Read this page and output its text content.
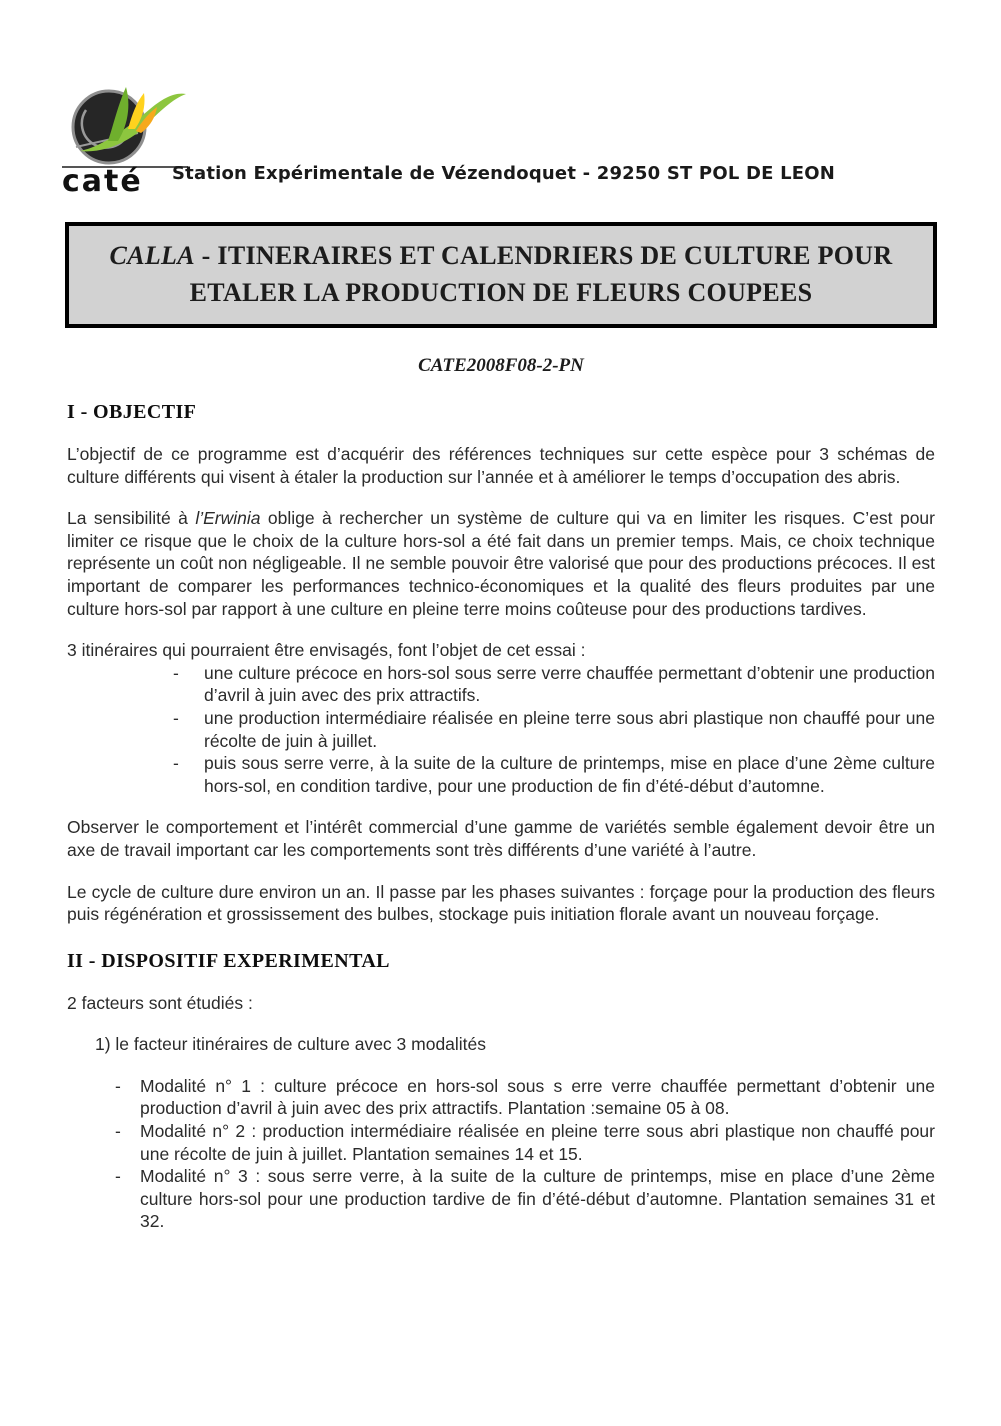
caté	Station Expérimentale de Vézendoquet - 29250 ST POL DE LEON
CALLA - ITINERAIRES ET CALENDRIERS DE CULTURE POUR
ETALER LA PRODUCTION DE FLEURS COUPEES
CATE2008F08-2-PN
I - OBJECTIF

L’objectif de ce programme est d’acquérir des références techniques sur cette espèce pour 3 schémas de culture différents qui visent à étaler la production sur l’année et à améliorer le temps d’occupation des abris.

La sensibilité à l’Erwinia oblige à rechercher un système de culture qui va en limiter les risques. C’est pour limiter ce risque que le choix de la culture hors-sol a été fait dans un premier temps. Mais, ce choix technique représente un coût non négligeable. Il ne semble pouvoir être valorisé que pour des productions précoces. Il est important de comparer les performances technico-économiques et la qualité des fleurs produites par une culture hors-sol par rapport à une culture en pleine terre moins coûteuse pour des productions tardives.

3 itinéraires qui pourraient être envisagés, font l’objet de cet essai :

- une culture précoce en hors-sol sous serre verre chauffée permettant d’obtenir une production d’avril à juin avec des prix attractifs.
- une production intermédiaire réalisée en pleine terre sous abri plastique non chauffé pour une récolte de juin à juillet.
- puis sous serre verre, à la suite de la culture de printemps, mise en place d’une 2ème culture hors-sol, en condition tardive, pour une production de fin d’été-début d’automne.

Observer le comportement et l’intérêt commercial d’une gamme de variétés semble également devoir être un axe de travail important car les comportements sont très différents d’une variété à l’autre.

Le cycle de culture dure environ un an. Il passe par les phases suivantes : forçage pour la production des fleurs puis régénération et grossissement des bulbes, stockage puis initiation florale avant un nouveau forçage.

II - DISPOSITIF EXPERIMENTAL

2 facteurs sont étudiés :

1) le facteur itinéraires de culture avec 3 modalités

- Modalité n° 1 : culture précoce en hors-sol sous s erre verre chauffée permettant d’obtenir une production d’avril à juin avec des prix attractifs. Plantation :semaine 05 à 08.
- Modalité n° 2 : production intermédiaire réalisée en pleine terre sous abri plastique non chauffé pour une récolte de juin à juillet. Plantation semaines 14 et 15.
- Modalité n° 3 : sous serre verre, à la suite de la culture de printemps, mise en place d’une 2ème culture hors-sol pour une production tardive de fin d’été-début d’automne. Plantation semaines 31 et 32.
